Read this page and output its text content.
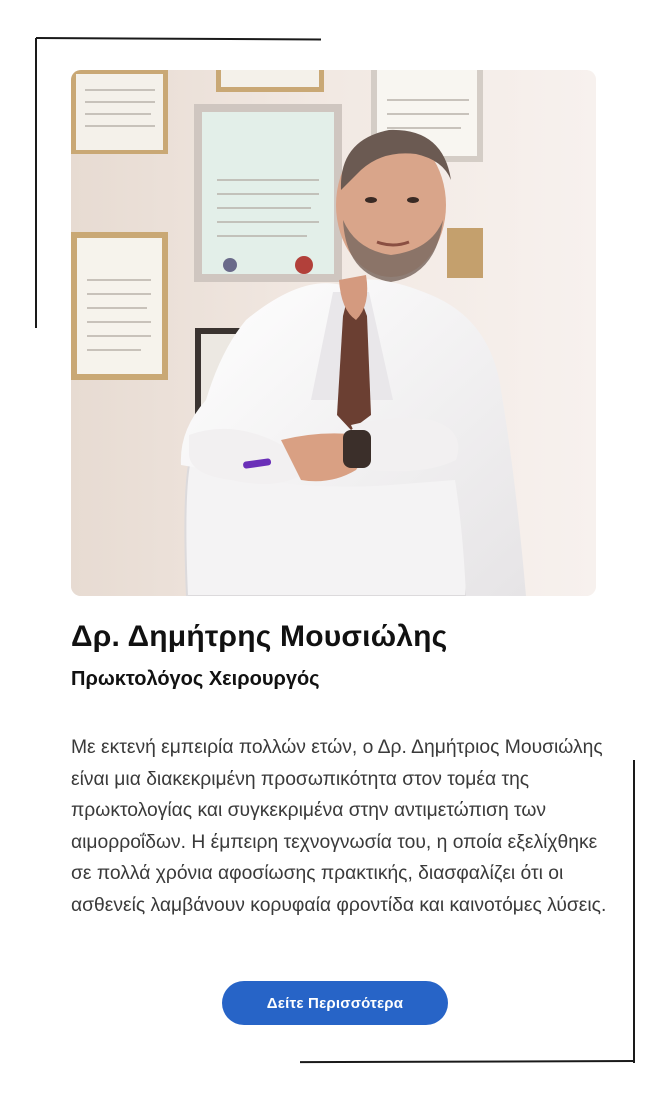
Δρ. Δημήτρης Μουσιώλης
Πρωκτολόγος Χειρουργός

Με εκτενή εμπειρία πολλών ετών, ο Δρ. Δημήτριος Μουσιώλης είναι μια διακεκριμένη προσωπικότητα στον τομέα της πρωκτολογίας και συγκεκριμένα στην αντιμετώπιση των αιμορροΐδων. Η έμπειρη τεχνογνωσία του, η οποία εξελίχθηκε σε πολλά χρόνια αφοσίωσης πρακτικής, διασφαλίζει ότι οι ασθενείς λαμβάνουν κορυφαία φροντίδα και καινοτόμες λύσεις.

Δείτε Περισσότερα
